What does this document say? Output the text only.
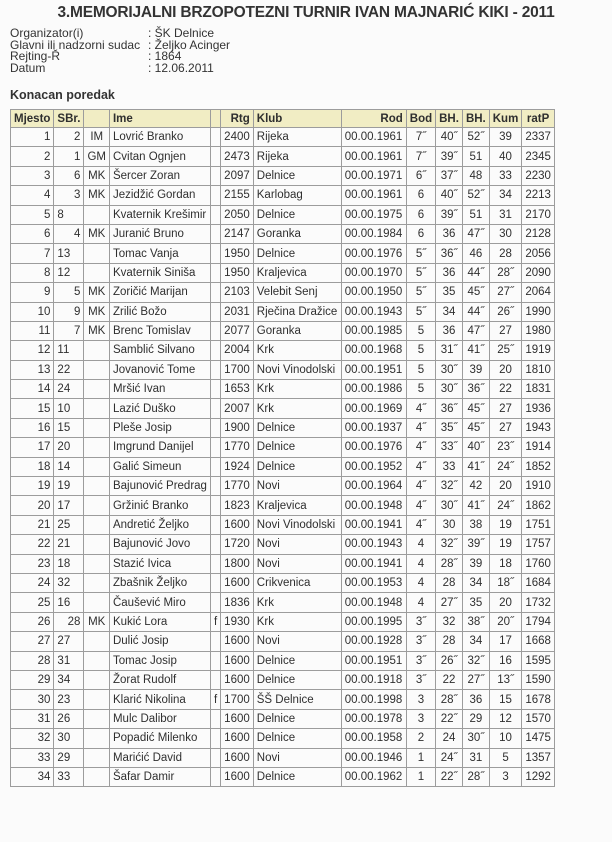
3.MEMORIJALNI BRZOPOTEZNI TURNIR IVAN MAJNARIĆ KIKI - 2011
Organizator(i)	: ŠK Delnice
Glavni ili nadzorni sudac : Željko Acinger
Rejting-Ř	: 1864
Datum	: 12.06.2011
Konacan poredak
Mjesto	SBr.		Ime		Rtg	Klub	Rod	Bod	BH.	BH.	Kum	ratP
1	2	IM	Lovrić Branko		2400	Rijeka	00.00.1961	7˝	40˝	52˝	39	2337
2	1	GM	Cvitan Ognjen		2473	Rijeka	00.00.1961	7˝	39˝	51	40	2345
3	6	MK	Šercer Zoran		2097	Delnice	00.00.1971	6˝	37˝	48	33	2230
4	3	MK	Jezidžić Gordan		2155	Karlobag	00.00.1961	6	40˝	52˝	34	2213
5	8		Kvaternik Krešimir		2050	Delnice	00.00.1975	6	39˝	51	31	2170
6	4	MK	Juranić Bruno		2147	Goranka	00.00.1984	6	36	47˝	30	2128
7	13		Tomac Vanja		1950	Delnice	00.00.1976	5˝	36˝	46	28	2056
8	12		Kvaternik Siniša		1950	Kraljevica	00.00.1970	5˝	36	44˝	28˝	2090
9	5	MK	Zoričić Marijan		2103	Velebit Senj	00.00.1950	5˝	35	45˝	27˝	2064
10	9	MK	Zrilić Božo		2031	Rječina Dražice	00.00.1943	5˝	34	44˝	26˝	1990
11	7	MK	Brenc Tomislav		2077	Goranka	00.00.1985	5	36	47˝	27	1980
12	11		Samblić Silvano		2004	Krk	00.00.1968	5	31˝	41˝	25˝	1919
13	22		Jovanović Tome		1700	Novi Vinodolski	00.00.1951	5	30˝	39	20	1810
14	24		Mršić Ivan		1653	Krk	00.00.1986	5	30˝	36˝	22	1831
15	10		Lazić Duško		2007	Krk	00.00.1969	4˝	36˝	45˝	27	1936
16	15		Pleše Josip		1900	Delnice	00.00.1937	4˝	35˝	45˝	27	1943
17	20		Imgrund Danijel		1770	Delnice	00.00.1976	4˝	33˝	40˝	23˝	1914
18	14		Galić Simeun		1924	Delnice	00.00.1952	4˝	33	41˝	24˝	1852
19	19		Bajunović Predrag		1770	Novi	00.00.1964	4˝	32˝	42	20	1910
20	17		Gržinić Branko		1823	Kraljevica	00.00.1948	4˝	30˝	41˝	24˝	1862
21	25		Andretić Željko		1600	Novi Vinodolski	00.00.1941	4˝	30	38	19	1751
22	21		Bajunović Jovo		1720	Novi	00.00.1943	4	32˝	39˝	19	1757
23	18		Stazić Ivica		1800	Novi	00.00.1941	4	28˝	39	18	1760
24	32		Zbašnik Željko		1600	Crikvenica	00.00.1953	4	28	34	18˝	1684
25	16		Čaušević Miro		1836	Krk	00.00.1948	4	27˝	35	20	1732
26	28	MK	Kukić Lora	f	1930	Krk	00.00.1995	3˝	32	38˝	20˝	1794
27	27		Dulić Josip		1600	Novi	00.00.1928	3˝	28	34	17	1668
28	31		Tomac Josip		1600	Delnice	00.00.1951	3˝	26˝	32˝	16	1595
29	34		Žorat Rudolf		1600	Delnice	00.00.1918	3˝	22	27˝	13˝	1590
30	23		Klarić Nikolina	f	1700	ŠŠ Delnice	00.00.1998	3	28˝	36	15	1678
31	26		Mulc Dalibor		1600	Delnice	00.00.1978	3	22˝	29	12	1570
32	30		Popadić Milenko		1600	Delnice	00.00.1958	2	24	30˝	10	1475
33	29		Marićić David		1600	Novi	00.00.1946	1	24˝	31	5	1357
34	33		Šafar Damir		1600	Delnice	00.00.1962	1	22˝	28˝	3	1292
